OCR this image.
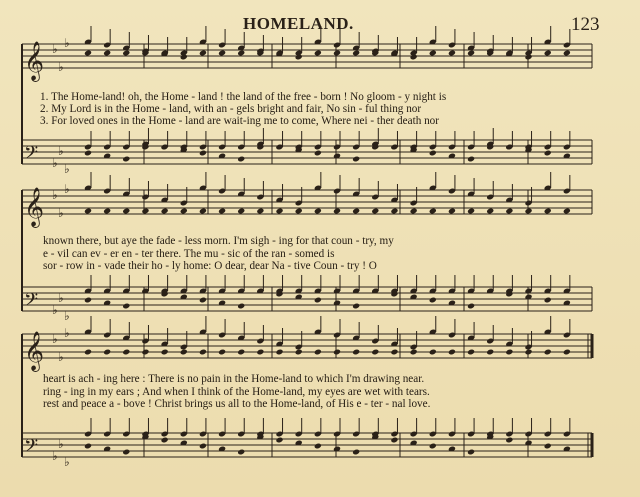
HOMELAND.	123
𝄞 ♭
♭
♭
𝄢 ♭
♭
♭
𝄞 ♭
♭
♭
𝄢 ♭
♭
♭
𝄞 ♭
♭
♭
𝄢 ♭
♭
♭
1. The Home-land! oh, the Home - land ! the land of the free - born ! No gloom - y night is
2. My Lord is in the Home - land, with an - gels bright and fair, No sin - ful thing nor
3. For loved ones in the Home - land are wait-ing me to come, Where nei - ther death nor
known there, but aye the fade - less morn. I'm sigh - ing for that coun - try, my
e - vil can ev - er en - ter there. The mu - sic of the ran - somed is
sor - row in - vade their ho - ly home: O dear, dear Na - tive Coun - try ! O
heart is ach - ing here : There is no pain in the Home-land to which I'm drawing near.
ring - ing in my ears ; And when I think of the Home-land, my eyes are wet with tears.
rest and peace a - bove ! Christ brings us all to the Home-land, of His e - ter - nal love.
